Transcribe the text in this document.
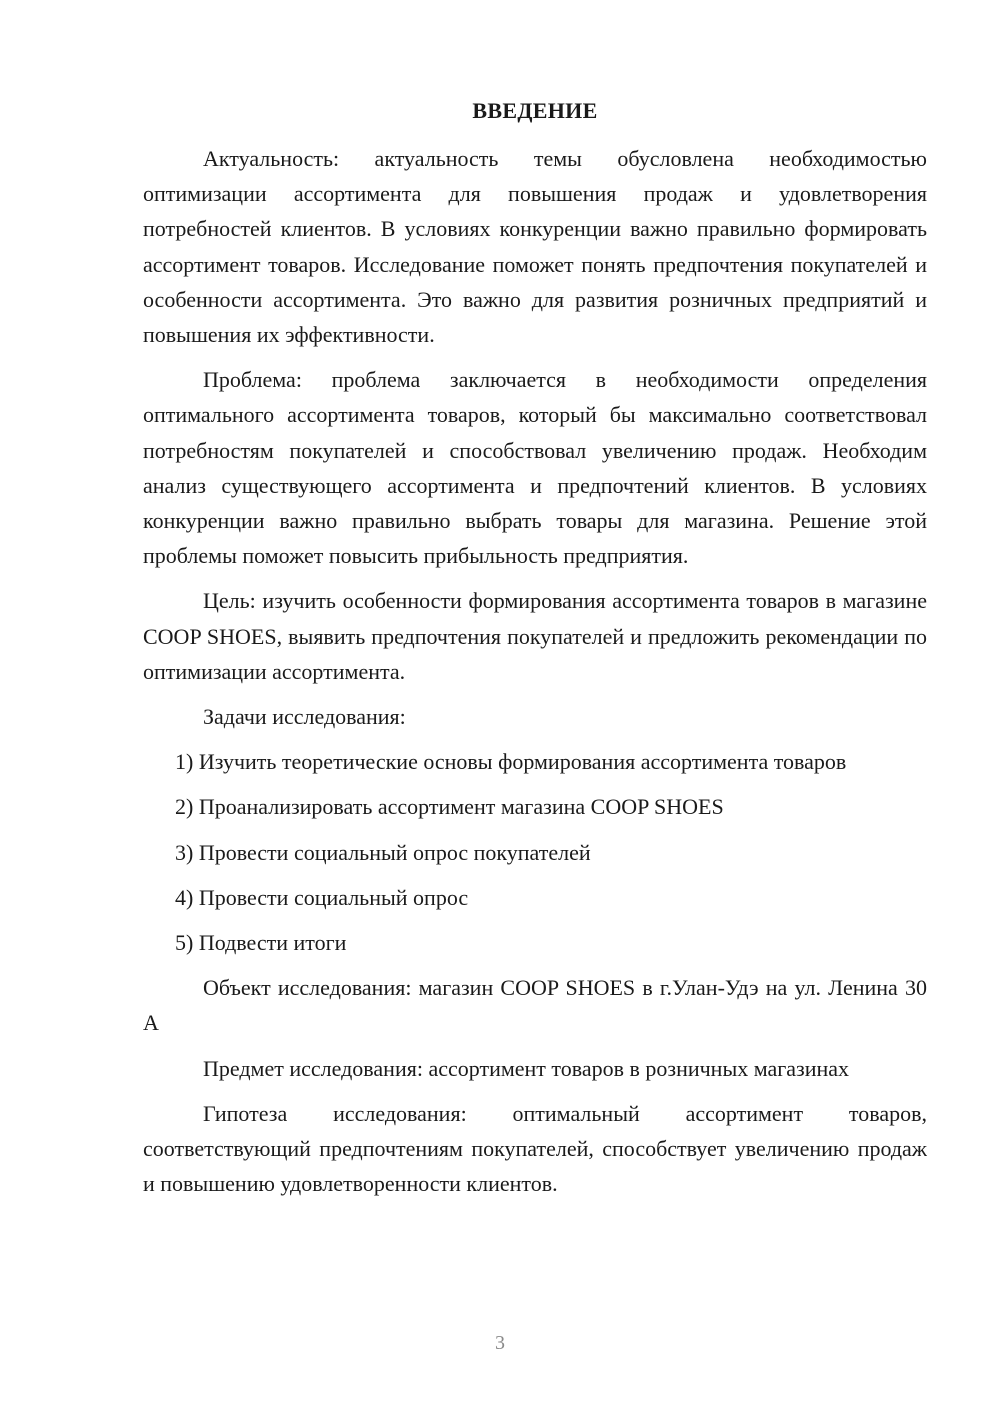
ВВЕДЕНИЕ

Актуальность: актуальность темы обусловлена необходимостью оптимизации ассортимента для повышения продаж и удовлетворения потребностей клиентов. В условиях конкуренции важно правильно формировать ассортимент товаров. Исследование поможет понять предпочтения покупателей и особенности ассортимента. Это важно для развития розничных предприятий и повышения их эффективности.

Проблема: проблема заключается в необходимости определения оптимального ассортимента товаров, который бы максимально соответствовал потребностям покупателей и способствовал увеличению продаж. Необходим анализ существующего ассортимента и предпочтений клиентов. В условиях конкуренции важно правильно выбрать товары для магазина. Решение этой проблемы поможет повысить прибыльность предприятия.

Цель: изучить особенности формирования ассортимента товаров в магазине COOP SHOES, выявить предпочтения покупателей и предложить рекомендации по оптимизации ассортимента.

Задачи исследования:

1) Изучить теоретические основы формирования ассортимента товаров

2) Проанализировать ассортимент магазина COOP SHOES

3) Провести социальный опрос покупателей

4) Провести социальный опрос

5) Подвести итоги

Объект исследования: магазин COOP SHOES в г.Улан-Удэ на ул. Ленина 30 А

Предмет исследования: ассортимент товаров в розничных магазинах

Гипотеза исследования: оптимальный ассортимент товаров, соответствующий предпочтениям покупателей, способствует увеличению продаж и повышению удовлетворенности клиентов.

3
